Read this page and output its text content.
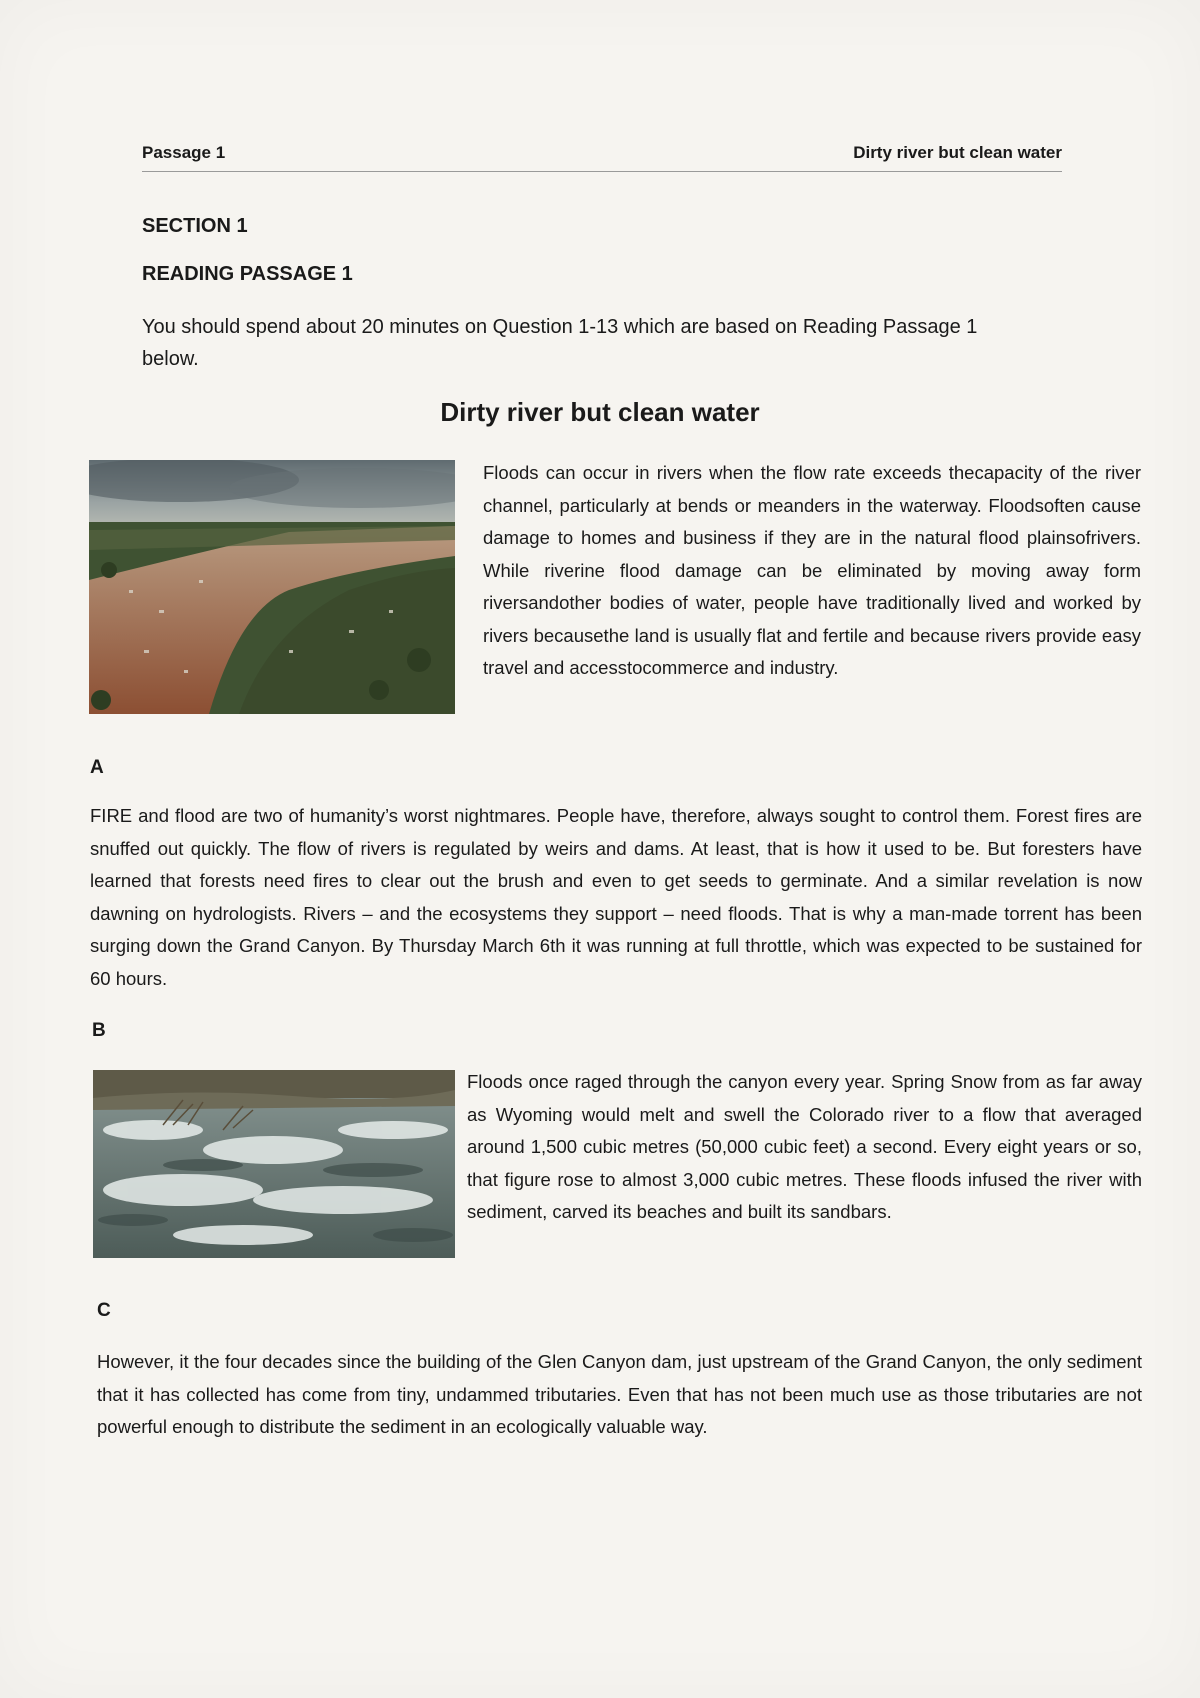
Passage 1	Dirty river but clean water
SECTION 1
READING PASSAGE 1
You should spend about 20 minutes on Question 1-13 which are based on Reading Passage 1 below.
Dirty river but clean water
Floods can occur in rivers when the flow rate exceeds thecapacity of the river channel, particularly at bends or meanders in the waterway. Floodsoften cause damage to homes and business if they are in the natural flood plainsofrivers. While riverine flood damage can be eliminated by moving away form riversandother bodies of water, people have traditionally lived and worked by rivers becausethe land is usually flat and fertile and because rivers provide easy travel and accesstocommerce and industry.
A
FIRE and flood are two of humanity’s worst nightmares. People have, therefore, always sought to control them. Forest fires are snuffed out quickly. The flow of rivers is regulated by weirs and dams. At least, that is how it used to be. But foresters have learned that forests need fires to clear out the brush and even to get seeds to germinate. And a similar revelation is now dawning on hydrologists. Rivers – and the ecosystems they support – need floods. That is why a man-made torrent has been surging down the Grand Canyon. By Thursday March 6th it was running at full throttle, which was expected to be sustained for 60 hours.
B
Floods once raged through the canyon every year. Spring Snow from as far away as Wyoming would melt and swell the Colorado river to a flow that averaged around 1,500 cubic metres (50,000 cubic feet) a second. Every eight years or so, that figure rose to almost 3,000 cubic metres. These floods infused the river with sediment, carved its beaches and built its sandbars.
C
However, it the four decades since the building of the Glen Canyon dam, just upstream of the Grand Canyon, the only sediment that it has collected has come from tiny, undammed tributaries. Even that has not been much use as those tributaries are not powerful enough to distribute the sediment in an ecologically valuable way.
